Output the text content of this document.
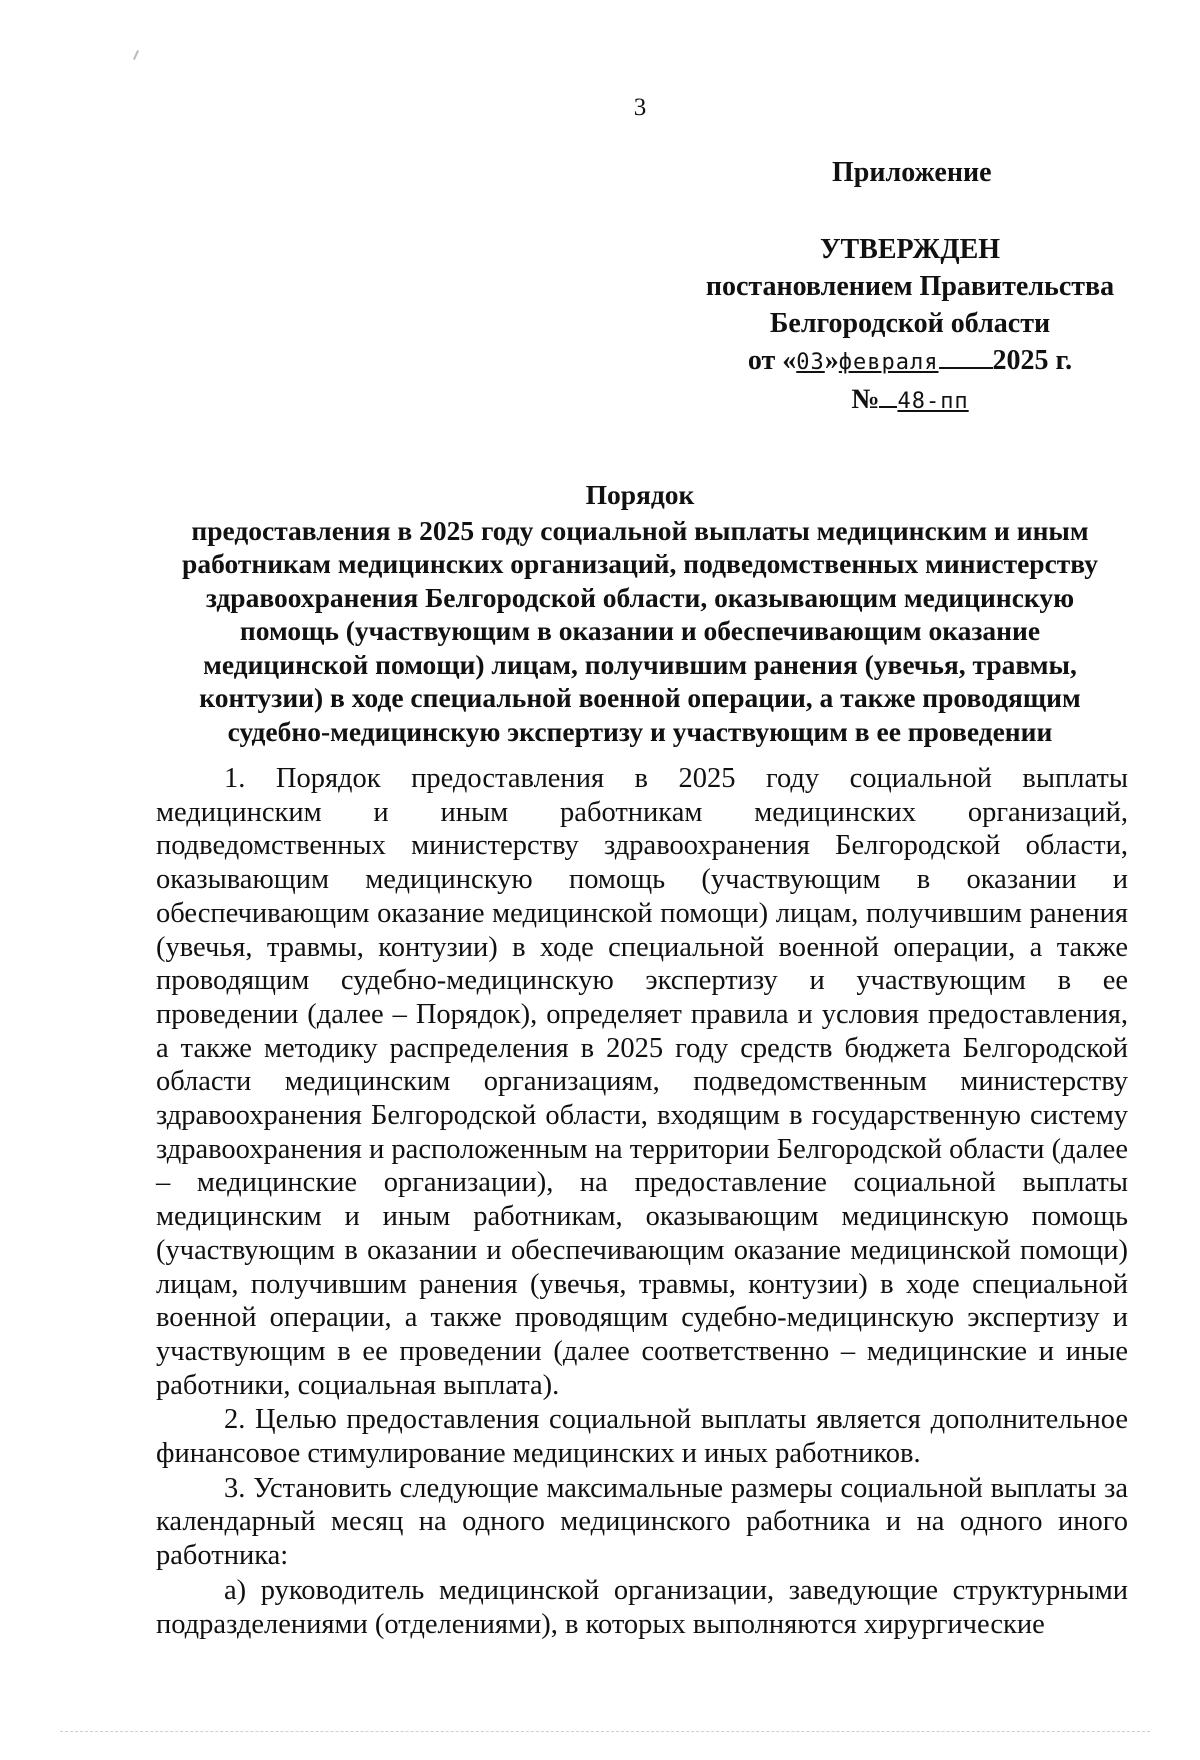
3
Приложение
УТВЕРЖДЕН
постановлением Правительства
Белгородской области
от «03»февраля 2025 г.
№ 48-пп
Порядок
предоставления в 2025 году социальной выплаты медицинским и иным
работникам медицинских организаций, подведомственных министерству
здравоохранения Белгородской области, оказывающим медицинскую
помощь (участвующим в оказании и обеспечивающим оказание
медицинской помощи) лицам, получившим ранения (увечья, травмы,
контузии) в ходе специальной военной операции, а также проводящим
судебно-медицинскую экспертизу и участвующим в ее проведении

1. Порядок предоставления в 2025 году социальной выплаты медицинским и иным работникам медицинских организаций, подведомственных министерству здравоохранения Белгородской области, оказывающим медицинскую помощь (участвующим в оказании и обеспечивающим оказание медицинской помощи) лицам, получившим ранения (увечья, травмы, контузии) в ходе специальной военной операции, а также проводящим судебно-медицинскую экспертизу и участвующим в ее проведении (далее – Порядок), определяет правила и условия предоставления, а также методику распределения в 2025 году средств бюджета Белгородской области медицинским организациям, подведомственным министерству здравоохранения Белгородской области, входящим в государственную систему здравоохранения и расположенным на территории Белгородской области (далее – медицинские организации), на предоставление социальной выплаты медицинским и иным работникам, оказывающим медицинскую помощь (участвующим в оказании и обеспечивающим оказание медицинской помощи) лицам, получившим ранения (увечья, травмы, контузии) в ходе специальной военной операции, а также проводящим судебно-медицинскую экспертизу и участвующим в ее проведении (далее соответственно – медицинские и иные работники, социальная выплата).

2. Целью предоставления социальной выплаты является дополнительное финансовое стимулирование медицинских и иных работников.

3. Установить следующие максимальные размеры социальной выплаты за календарный месяц на одного медицинского работника и на одного иного работника:

а) руководитель медицинской организации, заведующие структурными подразделениями (отделениями), в которых выполняются хирургические
